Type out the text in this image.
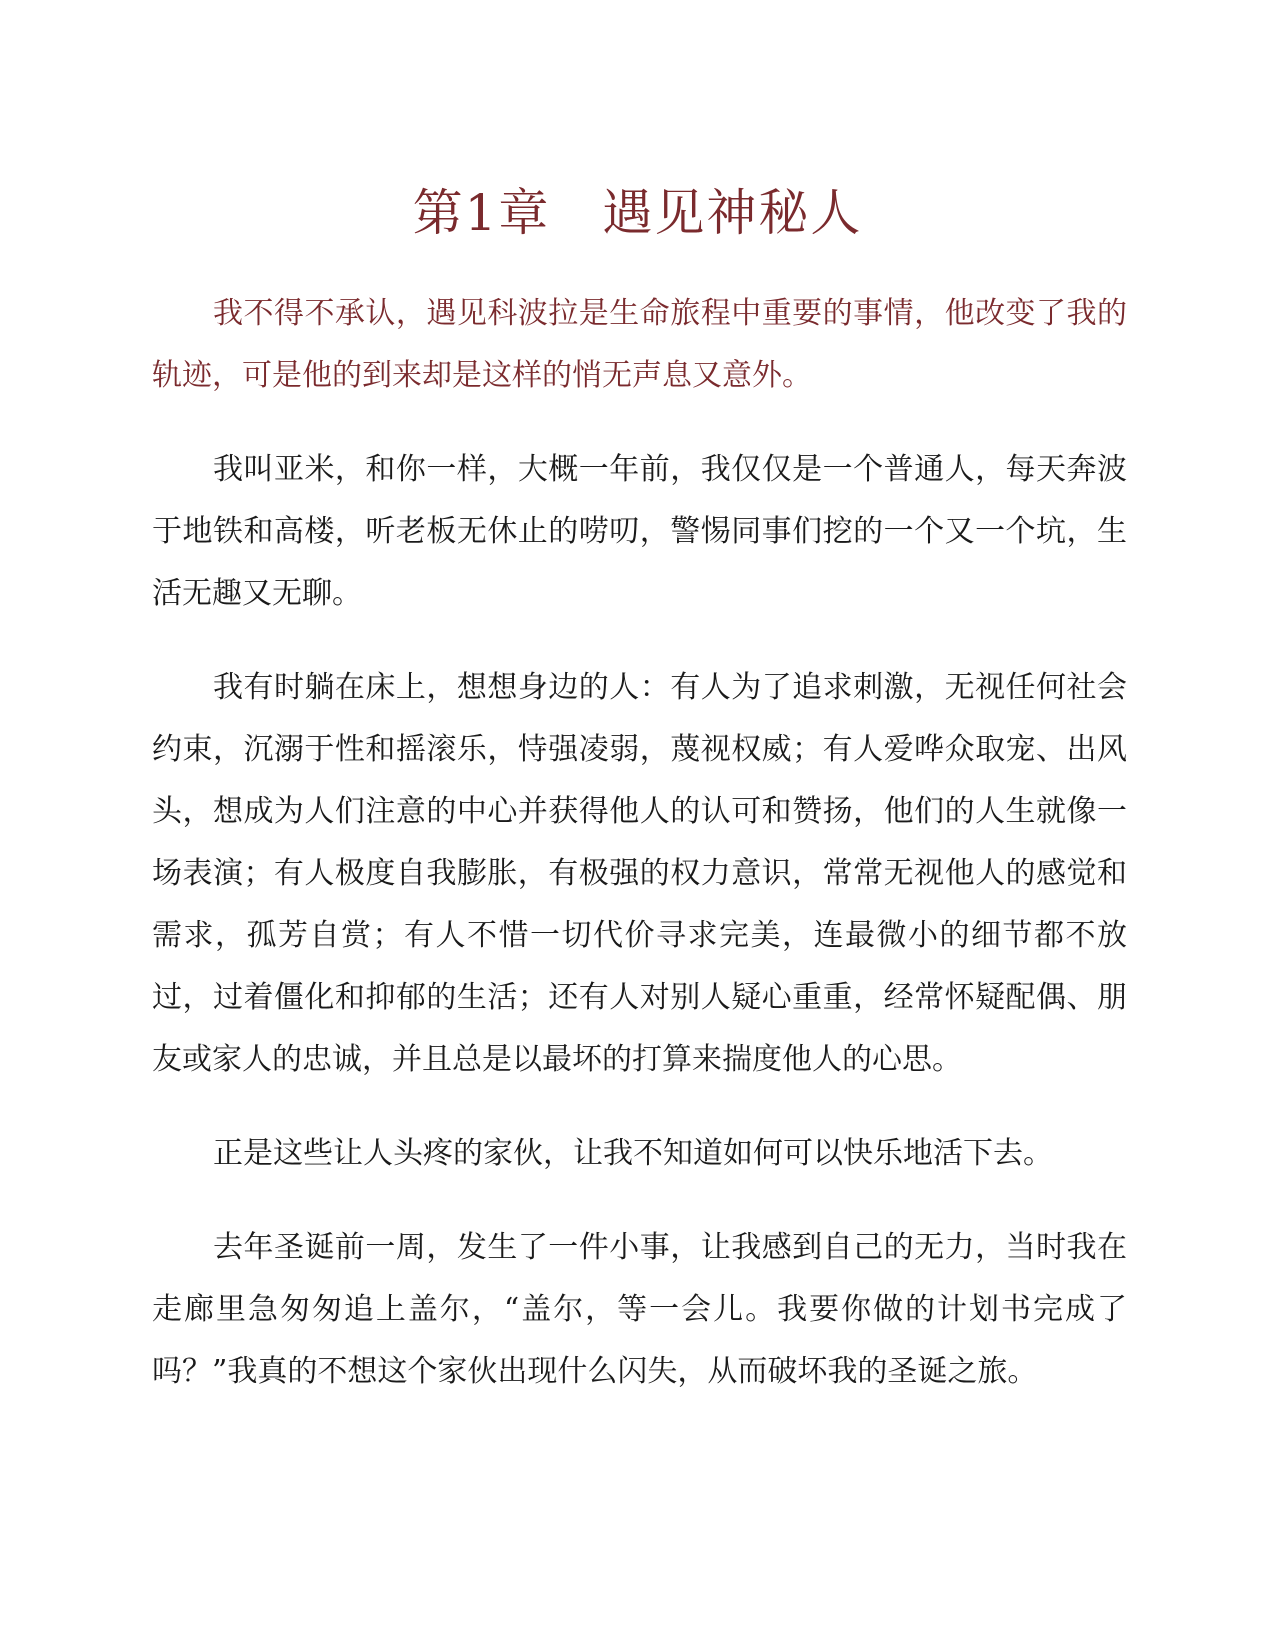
第1章　遇见神秘人

我不得不承认，遇见科波拉是生命旅程中重要的事情，他改变了我的轨迹，可是他的到来却是这样的悄无声息又意外。

我叫亚米，和你一样，大概一年前，我仅仅是一个普通人，每天奔波于地铁和高楼，听老板无休止的唠叨，警惕同事们挖的一个又一个坑，生活无趣又无聊。

我有时躺在床上，想想身边的人：有人为了追求刺激，无视任何社会约束，沉溺于性和摇滚乐，恃强凌弱，蔑视权威；有人爱哗众取宠、出风头，想成为人们注意的中心并获得他人的认可和赞扬，他们的人生就像一场表演；有人极度自我膨胀，有极强的权力意识，常常无视他人的感觉和需求，孤芳自赏；有人不惜一切代价寻求完美，连最微小的细节都不放过，过着僵化和抑郁的生活；还有人对别人疑心重重，经常怀疑配偶、朋友或家人的忠诚，并且总是以最坏的打算来揣度他人的心思。

正是这些让人头疼的家伙，让我不知道如何可以快乐地活下去。

去年圣诞前一周，发生了一件小事，让我感到自己的无力，当时我在走廊里急匆匆追上盖尔，“盖尔，等一会儿。我要你做的计划书完成了吗？”我真的不想这个家伙出现什么闪失，从而破坏我的圣诞之旅。
